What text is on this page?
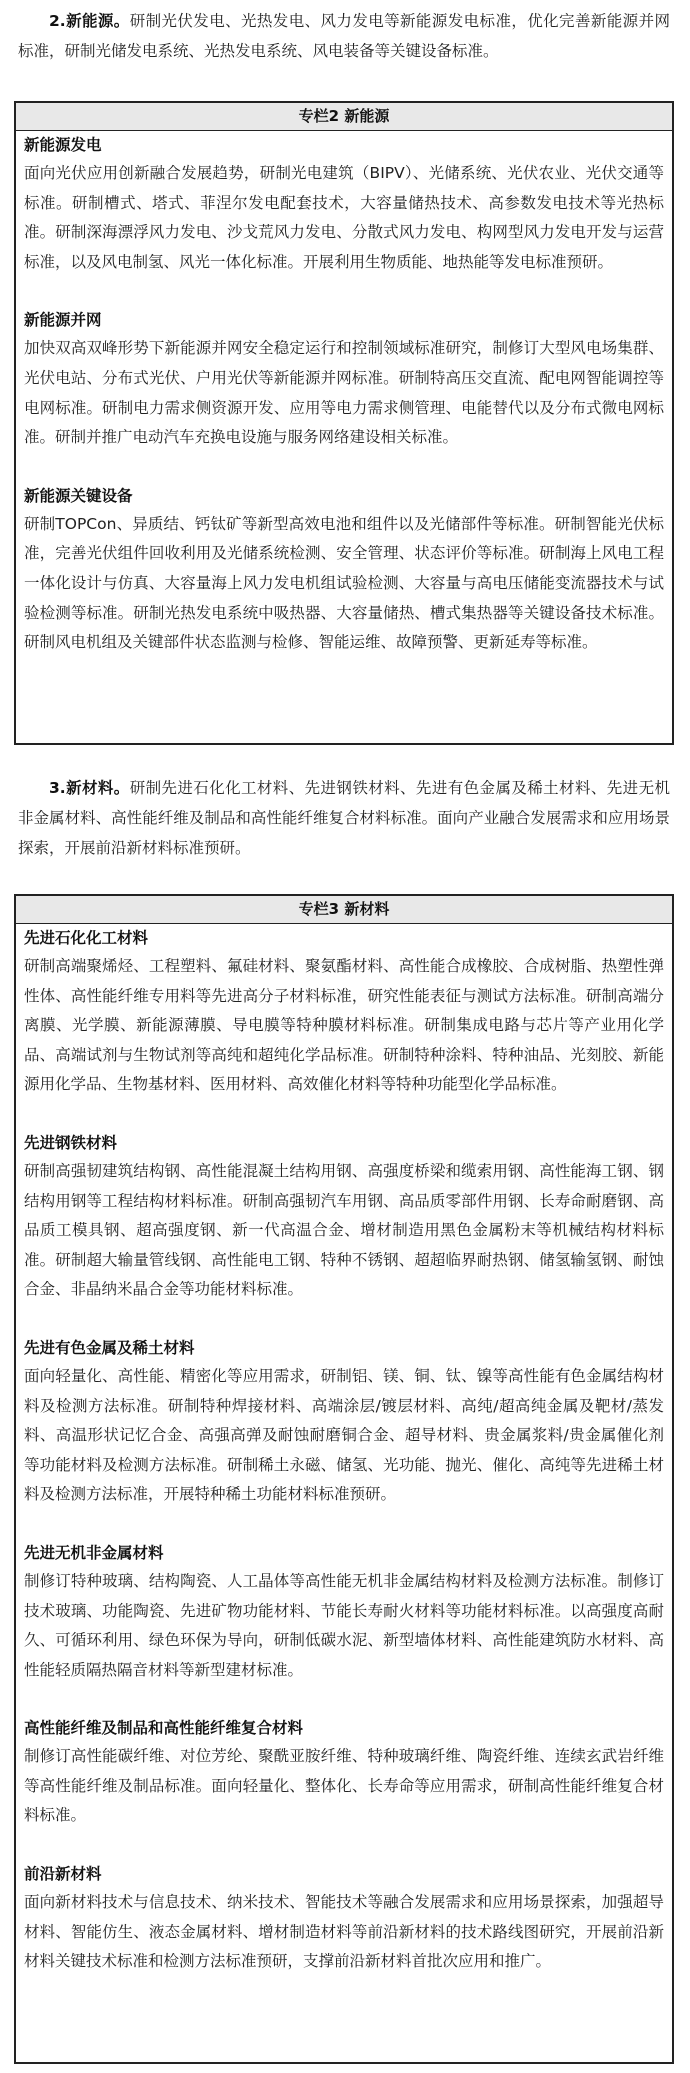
2.新能源。研制光伏发电、光热发电、风力发电等新能源发电标准，优化完善新能源并网标准，研制光储发电系统、光热发电系统、风电装备等关键设备标准。

专栏2 新能源

新能源发电

面向光伏应用创新融合发展趋势，研制光电建筑（BIPV）、光储系统、光伏农业、光伏交通等标准。研制槽式、塔式、菲涅尔发电配套技术，大容量储热技术、高参数发电技术等光热标准。研制深海漂浮风力发电、沙戈荒风力发电、分散式风力发电、构网型风力发电开发与运营标准，以及风电制氢、风光一体化标准。开展利用生物质能、地热能等发电标准预研。

新能源并网

加快双高双峰形势下新能源并网安全稳定运行和控制领域标准研究，制修订大型风电场集群、光伏电站、分布式光伏、户用光伏等新能源并网标准。研制特高压交直流、配电网智能调控等电网标准。研制电力需求侧资源开发、应用等电力需求侧管理、电能替代以及分布式微电网标准。研制并推广电动汽车充换电设施与服务网络建设相关标准。

新能源关键设备

研制TOPCon、异质结、钙钛矿等新型高效电池和组件以及光储部件等标准。研制智能光伏标准，完善光伏组件回收利用及光储系统检测、安全管理、状态评价等标准。研制海上风电工程一体化设计与仿真、大容量海上风力发电机组试验检测、大容量与高电压储能变流器技术与试验检测等标准。研制光热发电系统中吸热器、大容量储热、槽式集热器等关键设备技术标准。研制风电机组及关键部件状态监测与检修、智能运维、故障预警、更新延寿等标准。

3.新材料。研制先进石化化工材料、先进钢铁材料、先进有色金属及稀土材料、先进无机非金属材料、高性能纤维及制品和高性能纤维复合材料标准。面向产业融合发展需求和应用场景探索，开展前沿新材料标准预研。

专栏3 新材料

先进石化化工材料

研制高端聚烯烃、工程塑料、氟硅材料、聚氨酯材料、高性能合成橡胶、合成树脂、热塑性弹性体、高性能纤维专用料等先进高分子材料标准，研究性能表征与测试方法标准。研制高端分离膜、光学膜、新能源薄膜、导电膜等特种膜材料标准。研制集成电路与芯片等产业用化学品、高端试剂与生物试剂等高纯和超纯化学品标准。研制特种涂料、特种油品、光刻胶、新能源用化学品、生物基材料、医用材料、高效催化材料等特种功能型化学品标准。

先进钢铁材料

研制高强韧建筑结构钢、高性能混凝土结构用钢、高强度桥梁和缆索用钢、高性能海工钢、钢结构用钢等工程结构材料标准。研制高强韧汽车用钢、高品质零部件用钢、长寿命耐磨钢、高品质工模具钢、超高强度钢、新一代高温合金、增材制造用黑色金属粉末等机械结构材料标准。研制超大输量管线钢、高性能电工钢、特种不锈钢、超超临界耐热钢、储氢输氢钢、耐蚀合金、非晶纳米晶合金等功能材料标准。

先进有色金属及稀土材料

面向轻量化、高性能、精密化等应用需求，研制铝、镁、铜、钛、镍等高性能有色金属结构材料及检测方法标准。研制特种焊接材料、高端涂层/镀层材料、高纯/超高纯金属及靶材/蒸发料、高温形状记忆合金、高强高弹及耐蚀耐磨铜合金、超导材料、贵金属浆料/贵金属催化剂等功能材料及检测方法标准。研制稀土永磁、储氢、光功能、抛光、催化、高纯等先进稀土材料及检测方法标准，开展特种稀土功能材料标准预研。

先进无机非金属材料

制修订特种玻璃、结构陶瓷、人工晶体等高性能无机非金属结构材料及检测方法标准。制修订技术玻璃、功能陶瓷、先进矿物功能材料、节能长寿耐火材料等功能材料标准。以高强度高耐久、可循环利用、绿色环保为导向，研制低碳水泥、新型墙体材料、高性能建筑防水材料、高性能轻质隔热隔音材料等新型建材标准。

高性能纤维及制品和高性能纤维复合材料

制修订高性能碳纤维、对位芳纶、聚酰亚胺纤维、特种玻璃纤维、陶瓷纤维、连续玄武岩纤维等高性能纤维及制品标准。面向轻量化、整体化、长寿命等应用需求，研制高性能纤维复合材料标准。

前沿新材料

面向新材料技术与信息技术、纳米技术、智能技术等融合发展需求和应用场景探索，加强超导材料、智能仿生、液态金属材料、增材制造材料等前沿新材料的技术路线图研究，开展前沿新材料关键技术标准和检测方法标准预研，支撑前沿新材料首批次应用和推广。
